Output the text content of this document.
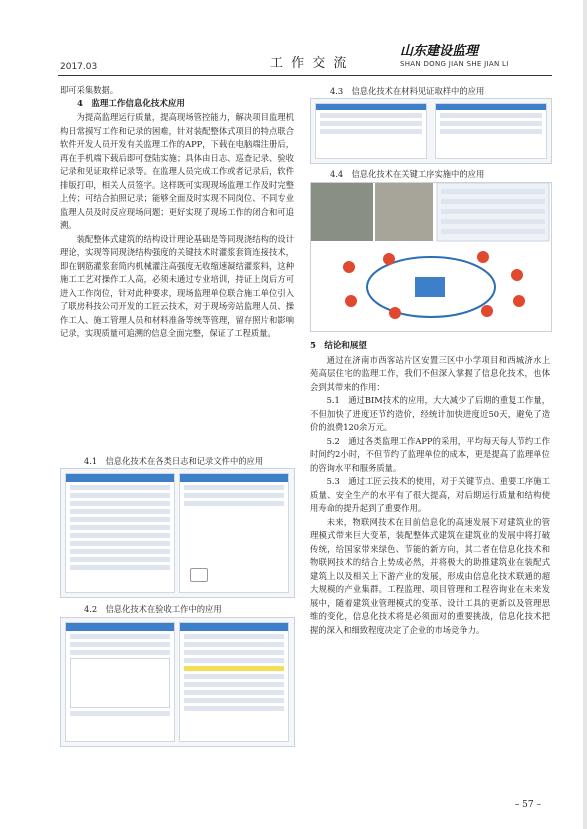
2017.03	工 作 交 流
山东建设监理
SHAN DONG JIAN SHE JIAN LI

即可采集数据。

4　监理工作信息化技术应用

为提高监理运行质量，提高现场管控能力，解决项目监理机构日常摸写工作和记录的困难，针对装配整体式项目的特点联合软件开发人员开发有关监理工作的APP，下载在电脑端注册后，再在手机端下载后即可登陆实施；具体由日志、巡查记录、验收记录和见证取样记录等。在监理人员完成工作或者记录后，软件排版打印，相关人员签字。这样既可实现现场监理工作及时完整上传；可结合拍照记录；能够全面及时实现不同岗位、不同专业监理人员及时反应现场问题；更好实现了现场工作的闭合和可追溯。

装配整体式建筑的结构设计理论基础是等同现浇结构的设计理论，实现等同现浇结构强度的关键技术时灌浆套筒连接技术，即在钢筋灌浆套筒内机械灌注高强度无收缩速凝结灌浆料，这种施工工艺对操作工人高，必须未通过专业培训，持证上岗后方可进入工作岗位，针对此种要求，现场监理单位联合施工单位引入了联房科技公司开发的工匠云技术，对于现场旁站监理人员、操作工人、施工管理人员和材料准备等统等管理，留存照片和影响记录，实现质量可追溯的信息全面完整，保证了工程质量。

4.1　信息化技术在各类日志和记录文件中的应用
4.2　信息化技术在验收工作中的应用
4.3　信息化技术在材料见证取样中的应用
4.4　信息化技术在关键工序实施中的应用
5　结论和展望

通过在济南市西客站片区安置三区中小学项目和西城济水上苑高层住宅的监理工作，我们不但深入掌握了信息化技术，也体会到其带来的作用：

5.1　通过BIM技术的应用，大大减少了后期的重复工作量，不但加快了进度还节约造价，经统计加快进度近50天，避免了造价的浪费120余万元。

5.2　通过各类监理工作APP的采用，平均每天每人节约工作时间约2小时，不但节约了监理单位的成本，更是提高了监理单位的咨询水平和服务质量。

5.3　通过工匠云技术的使用，对于关键节点、重要工序施工质量、安全生产的水平有了很大提高，对后期运行质量和结构使用寿命的提升起到了重要作用。

未来，物联网技术在目前信息化的高速发展下对建筑业的管理模式带来巨大变革，装配整体式建筑在建筑业的发展中将打破传统，给国家带来绿色、节能的新方向，其二者在信息化技术和物联网技术的结合上势成必然，并将极大的助推建筑业在装配式建筑上以及相关上下游产业的发展，形成由信息化技术联通的超大规模的产业集群。工程监理、项目管理和工程咨询业在未来发展中，随着建筑业管理模式的变革、设计工具的更新以及管理思维的变化，信息化技术将是必须面对的重要挑战，信息化技术把握的深入和细致程度决定了企业的市场竞争力。

– 57 –
